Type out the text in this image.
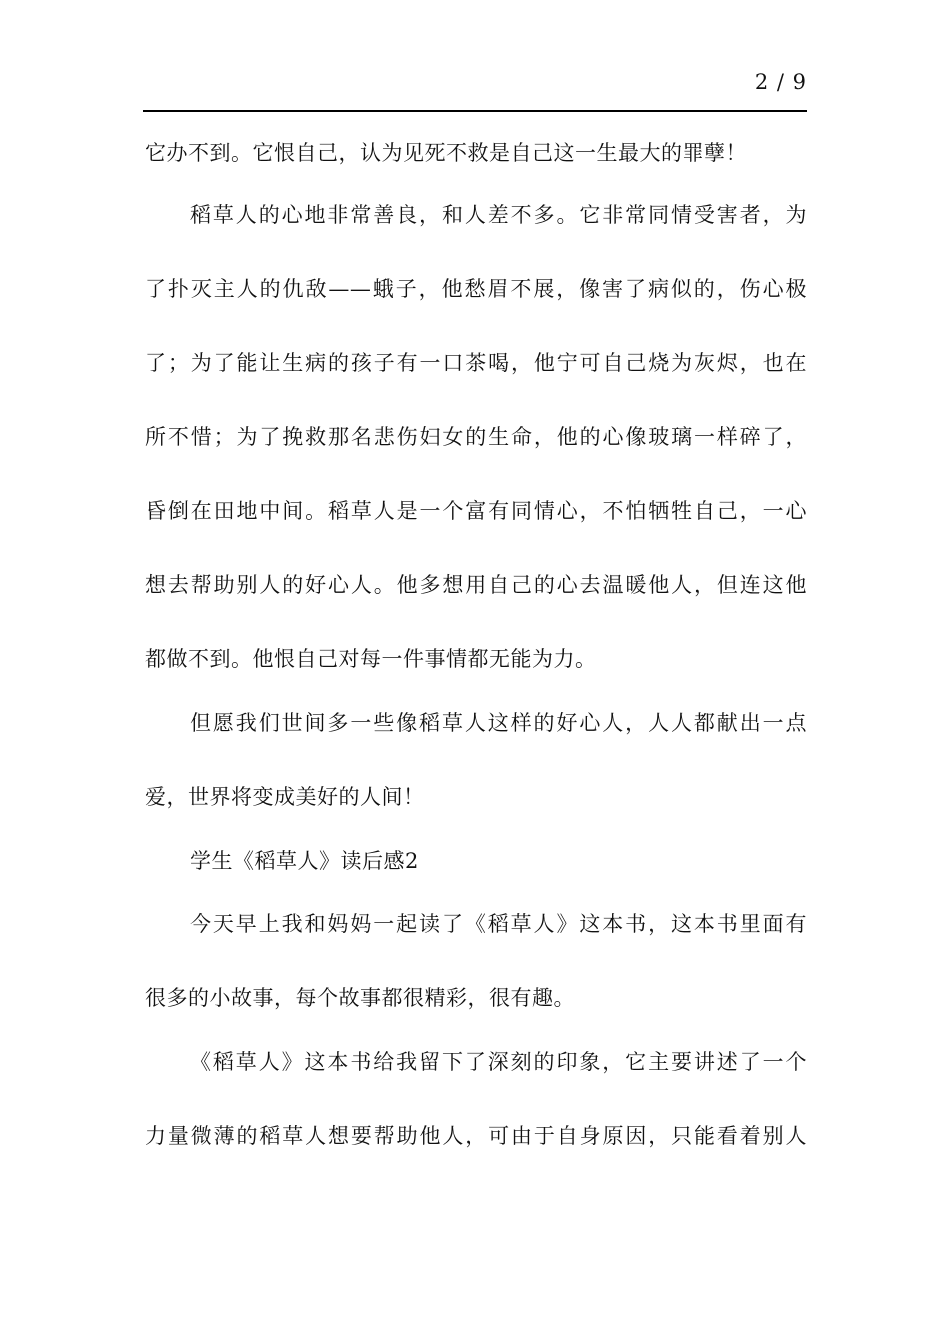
2 / 9
它办不到。它恨自己，认为见死不救是自己这一生最大的罪孽！
稻草人的心地非常善良，和人差不多。它非常同情受害者，为
了扑灭主人的仇敌——蛾子，他愁眉不展，像害了病似的，伤心极
了；为了能让生病的孩子有一口茶喝，他宁可自己烧为灰烬，也在
所不惜；为了挽救那名悲伤妇女的生命，他的心像玻璃一样碎了，
昏倒在田地中间。稻草人是一个富有同情心，不怕牺牲自己，一心
想去帮助别人的好心人。他多想用自己的心去温暖他人，但连这他
都做不到。他恨自己对每一件事情都无能为力。
但愿我们世间多一些像稻草人这样的好心人，人人都献出一点
爱，世界将变成美好的人间！
学生《稻草人》读后感2
今天早上我和妈妈一起读了《稻草人》这本书，这本书里面有
很多的小故事，每个故事都很精彩，很有趣。
《稻草人》这本书给我留下了深刻的印象，它主要讲述了一个
力量微薄的稻草人想要帮助他人，可由于自身原因，只能看着别人
